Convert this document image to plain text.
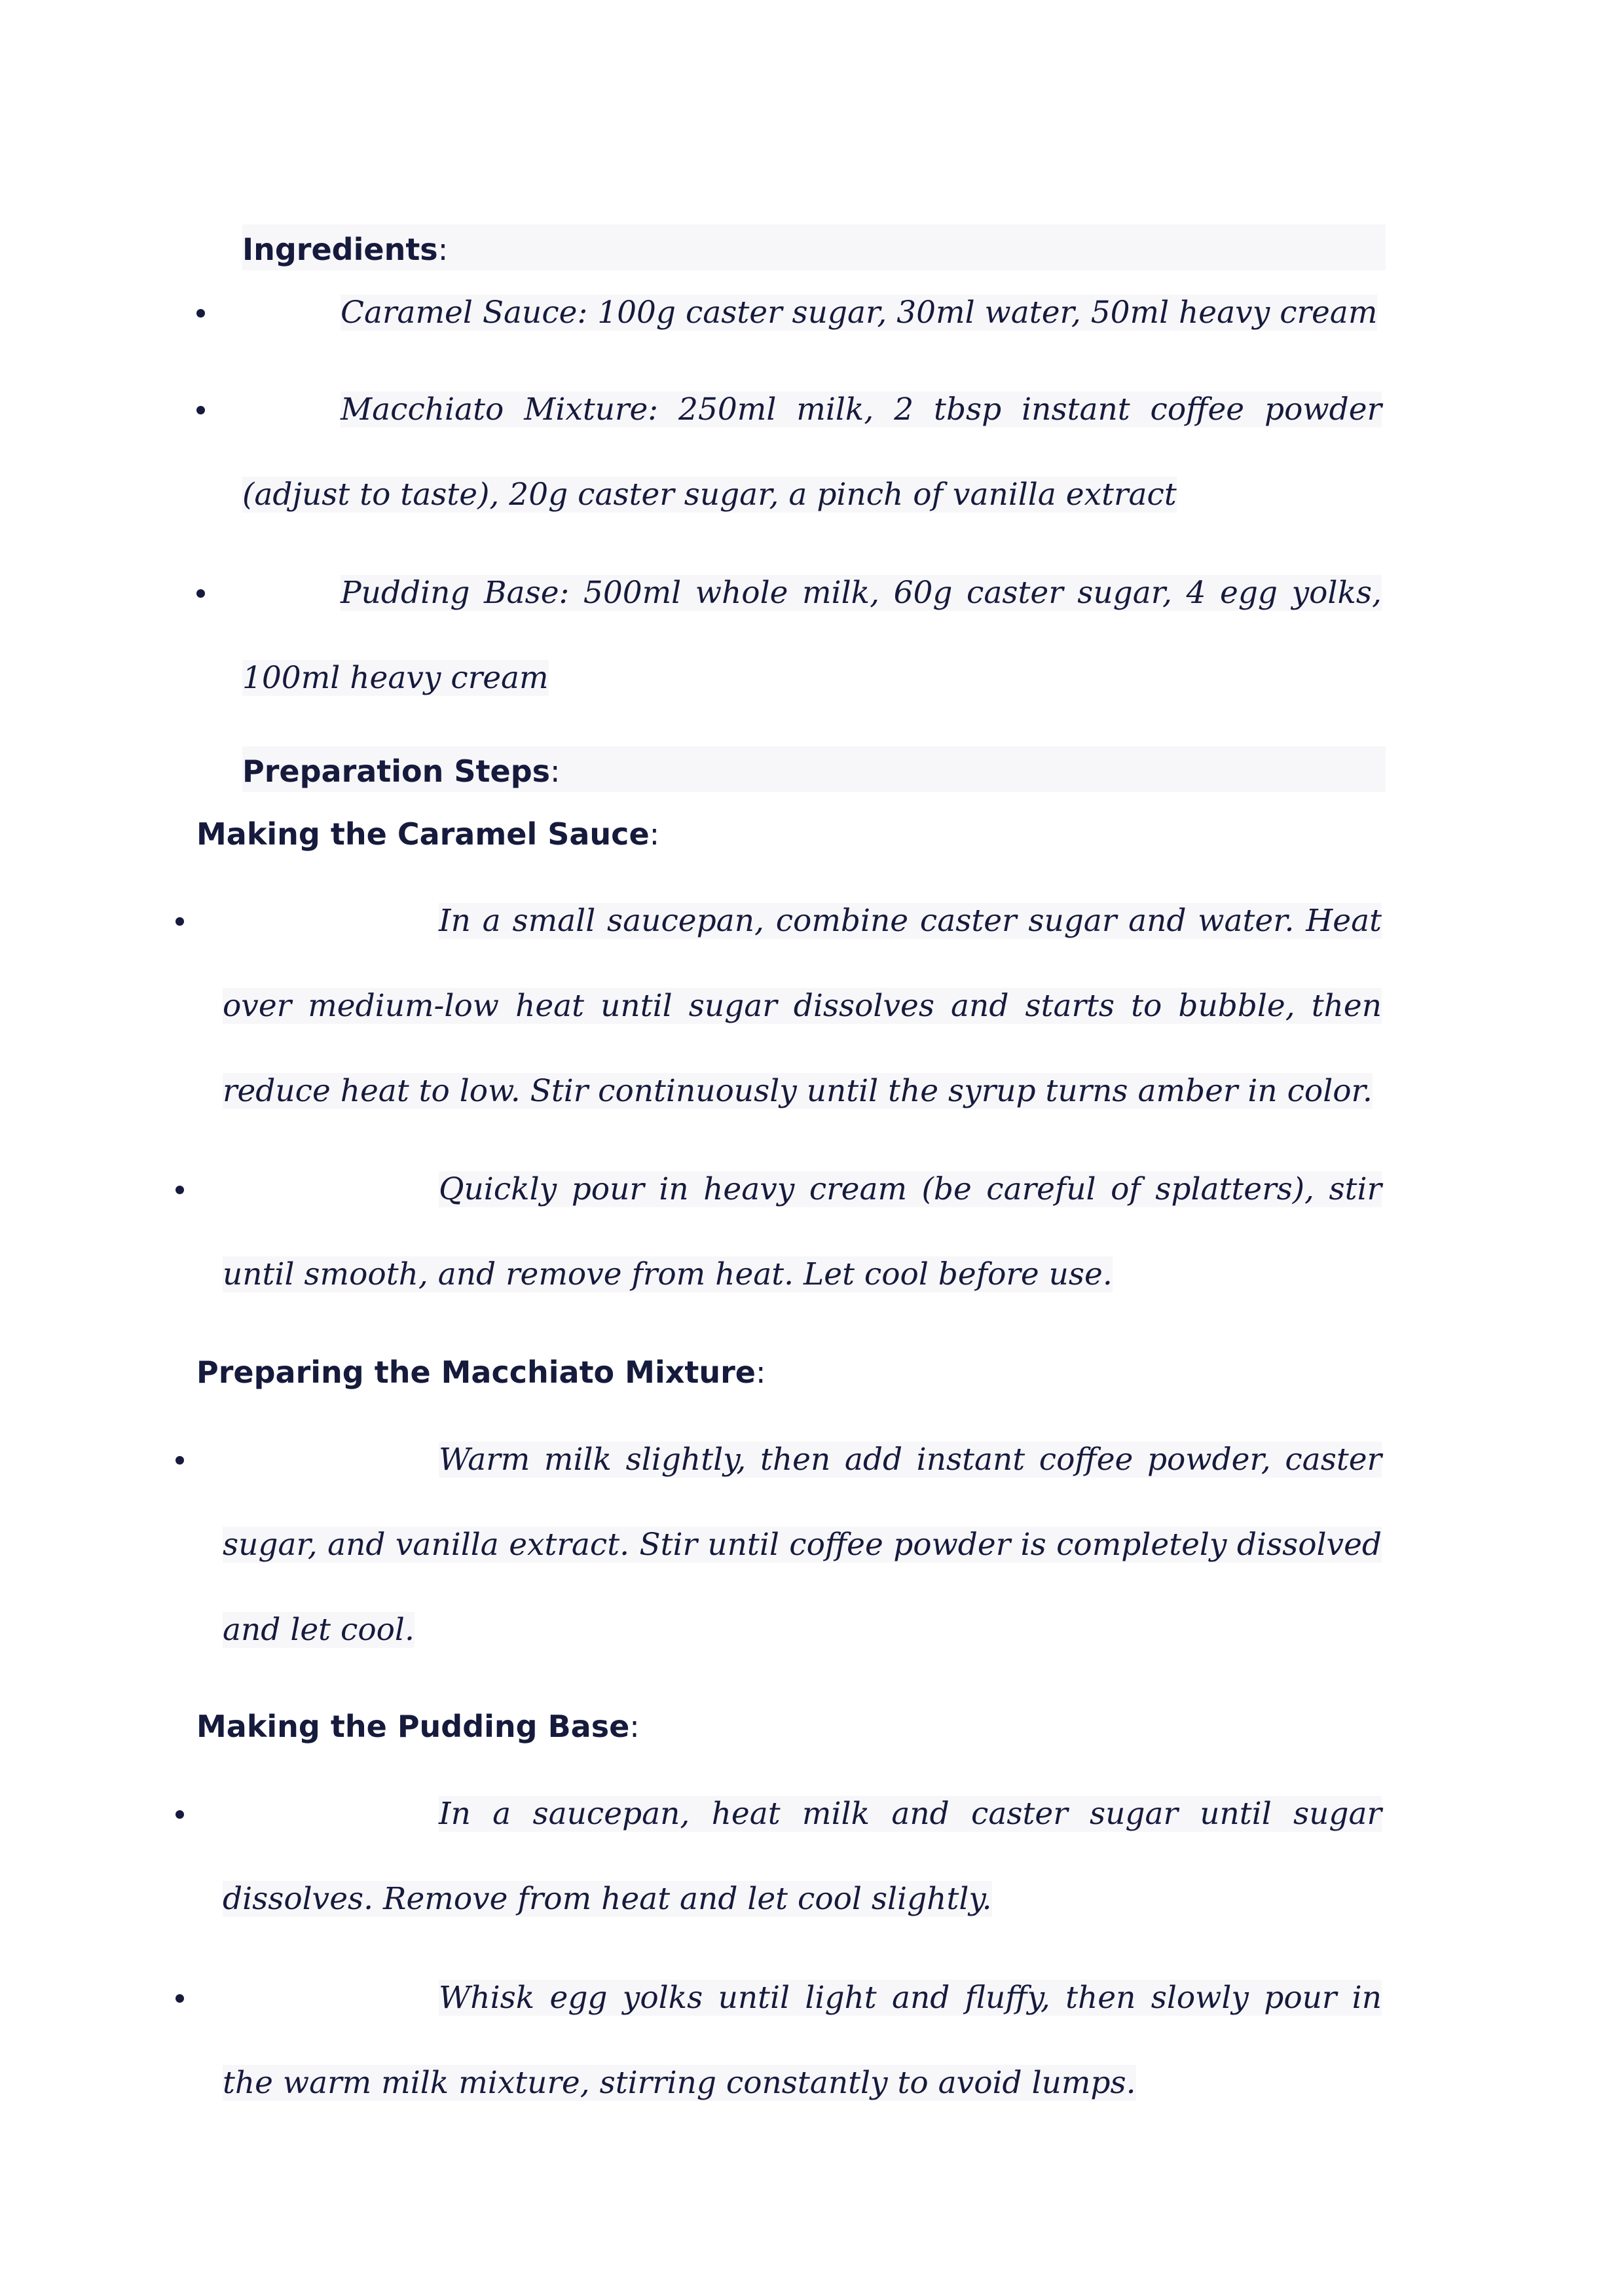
Ingredients:
Caramel Sauce: 100g caster sugar, 30ml water, 50ml heavy cream
Macchiato Mixture: 250ml milk, 2 tbsp instant coffee powder (adjust to taste), 20g caster sugar, a pinch of vanilla extract
Pudding Base: 500ml whole milk, 60g caster sugar, 4 egg yolks, 100ml heavy cream
Preparation Steps:
Making the Caramel Sauce:
In a small saucepan, combine caster sugar and water. Heat over medium-low heat until sugar dissolves and starts to bubble, then reduce heat to low. Stir continuously until the syrup turns amber in color.
Quickly pour in heavy cream (be careful of splatters), stir until smooth, and remove from heat. Let cool before use.
Preparing the Macchiato Mixture:
Warm milk slightly, then add instant coffee powder, caster sugar, and vanilla extract. Stir until coffee powder is completely dissolved and let cool.
Making the Pudding Base:
In a saucepan, heat milk and caster sugar until sugar dissolves. Remove from heat and let cool slightly.
Whisk egg yolks until light and fluffy, then slowly pour in the warm milk mixture, stirring constantly to avoid lumps.
